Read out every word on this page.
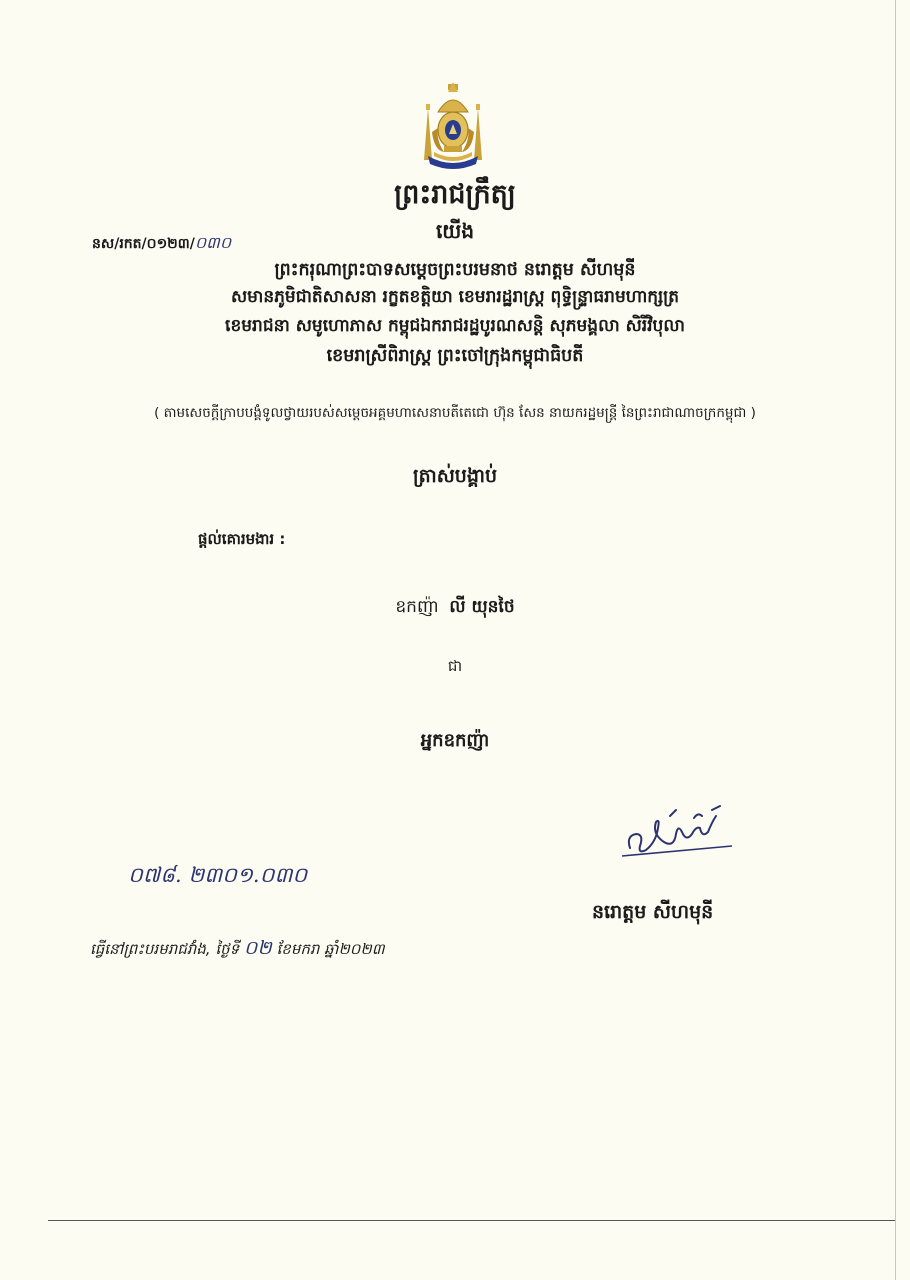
ព្រះរាជក្រឹត្យ
យើង
នស/រកត/០១២៣/០៣០
ព្រះករុណាព្រះបាទសម្ដេចព្រះបរមនាថ នរោត្ដម សីហមុនី
សមានភូមិជាតិសាសនា រក្ខតខត្តិយា ខេមរារដ្ឋរាស្ត្រ ពុទ្ធិន្ទ្រាធរាមហាក្សត្រ
ខេមរាជនា សមូហោភាស កម្ពុជឯករាជរដ្ឋបូរណសន្តិ សុភមង្គលា សិរីវិបុលា
ខេមរាស្រីពិរាស្ត្រ ព្រះចៅក្រុងកម្ពុជាធិបតី
( តាមសេចក្ដីក្រាបបង្គំទូលថ្វាយរបស់សម្ដេចអគ្គមហាសេនាបតីតេជោ ហ៊ុន សែន នាយករដ្ឋមន្ត្រី នៃព្រះរាជាណាចក្រកម្ពុជា )
ត្រាស់បង្គាប់
ផ្ដល់គោរមងារ :
ឧកញ៉ា លី យុនថៃ
ជា
អ្នកឧកញ៉ា
០៧៨. ២៣០១.០៣០
នរោត្ដម សីហមុនី
ធ្វើនៅព្រះបរមរាជវាំង, ថ្ងៃទី ០២ ខែមករា ឆ្នាំ២០២៣
